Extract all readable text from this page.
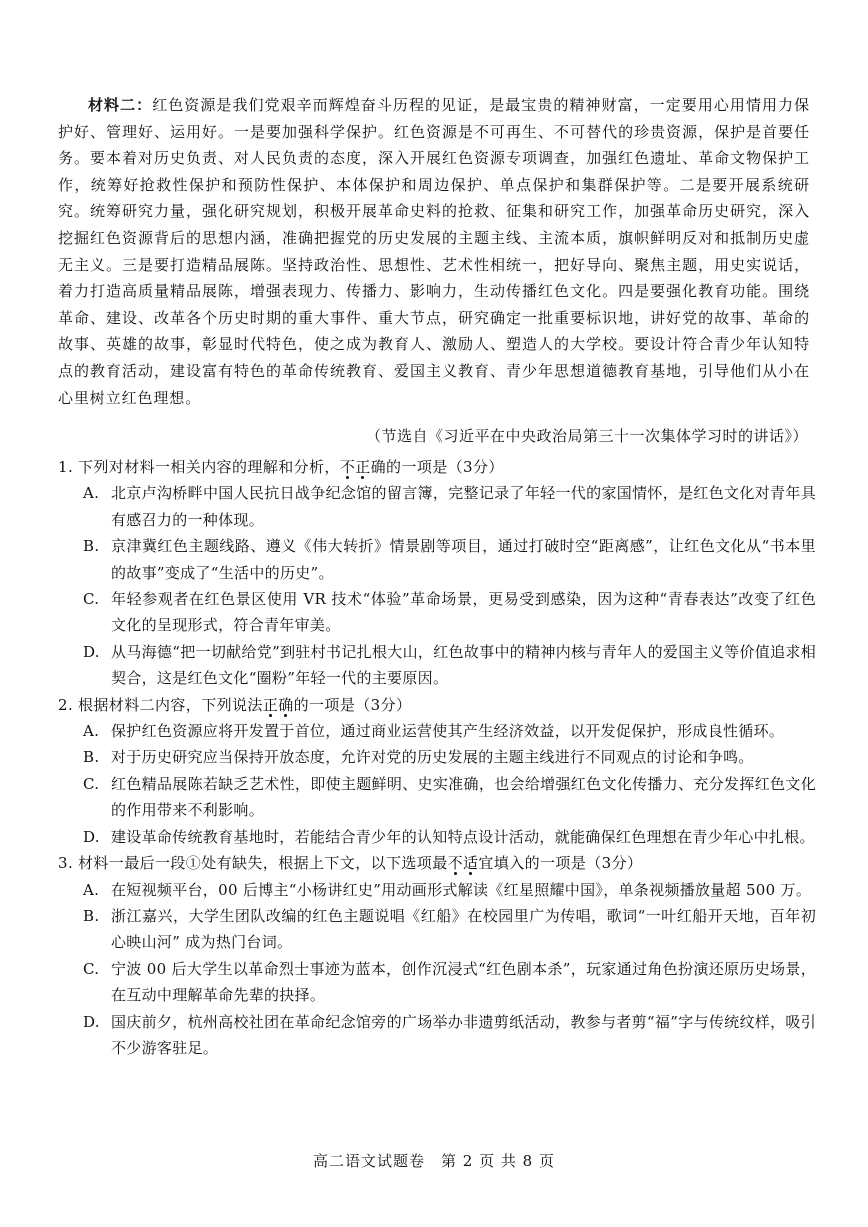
材料二：红色资源是我们党艰辛而辉煌奋斗历程的见证，是最宝贵的精神财富，一定要用心用情用力保护好、管理好、运用好。一是要加强科学保护。红色资源是不可再生、不可替代的珍贵资源，保护是首要任务。要本着对历史负责、对人民负责的态度，深入开展红色资源专项调查，加强红色遗址、革命文物保护工作，统筹好抢救性保护和预防性保护、本体保护和周边保护、单点保护和集群保护等。二是要开展系统研究。统筹研究力量，强化研究规划，积极开展革命史料的抢救、征集和研究工作，加强革命历史研究，深入挖掘红色资源背后的思想内涵，准确把握党的历史发展的主题主线、主流本质，旗帜鲜明反对和抵制历史虚无主义。三是要打造精品展陈。坚持政治性、思想性、艺术性相统一，把好导向、聚焦主题，用史实说话，着力打造高质量精品展陈，增强表现力、传播力、影响力，生动传播红色文化。四是要强化教育功能。围绕革命、建设、改革各个历史时期的重大事件、重大节点，研究确定一批重要标识地，讲好党的故事、革命的故事、英雄的故事，彰显时代特色，使之成为教育人、激励人、塑造人的大学校。要设计符合青少年认知特点的教育活动，建设富有特色的革命传统教育、爱国主义教育、青少年思想道德教育基地，引导他们从小在心里树立红色理想。
（节选自《习近平在中央政治局第三十一次集体学习时的讲话》）
1. 下列对材料一相关内容的理解和分析，不正确的一项是（3分）
A. 北京卢沟桥畔中国人民抗日战争纪念馆的留言簿，完整记录了年轻一代的家国情怀，是红色文化对青年具有感召力的一种体现。
B. 京津冀红色主题线路、遵义《伟大转折》情景剧等项目，通过打破时空“距离感”，让红色文化从“书本里的故事”变成了“生活中的历史”。
C. 年轻参观者在红色景区使用 VR 技术“体验”革命场景，更易受到感染，因为这种“青春表达”改变了红色文化的呈现形式，符合青年审美。
D. 从马海德“把一切献给党”到驻村书记扎根大山，红色故事中的精神内核与青年人的爱国主义等价值追求相契合，这是红色文化“圈粉”年轻一代的主要原因。
2. 根据材料二内容，下列说法正确的一项是（3分）
A. 保护红色资源应将开发置于首位，通过商业运营使其产生经济效益，以开发促保护，形成良性循环。
B. 对于历史研究应当保持开放态度，允许对党的历史发展的主题主线进行不同观点的讨论和争鸣。
C. 红色精品展陈若缺乏艺术性，即使主题鲜明、史实准确，也会给增强红色文化传播力、充分发挥红色文化的作用带来不利影响。
D. 建设革命传统教育基地时，若能结合青少年的认知特点设计活动，就能确保红色理想在青少年心中扎根。
3. 材料一最后一段①处有缺失，根据上下文，以下选项最不适宜填入的一项是（3分）
A. 在短视频平台，00 后博主“小杨讲红史”用动画形式解读《红星照耀中国》，单条视频播放量超 500 万。
B. 浙江嘉兴，大学生团队改编的红色主题说唱《红船》在校园里广为传唱，歌词“一叶红船开天地，百年初心映山河” 成为热门台词。
C. 宁波 00 后大学生以革命烈士事迹为蓝本，创作沉浸式“红色剧本杀”，玩家通过角色扮演还原历史场景，在互动中理解革命先辈的抉择。
D. 国庆前夕，杭州高校社团在革命纪念馆旁的广场举办非遗剪纸活动，教参与者剪“福”字与传统纹样，吸引不少游客驻足。
高二语文试题卷　第 2 页 共 8 页
